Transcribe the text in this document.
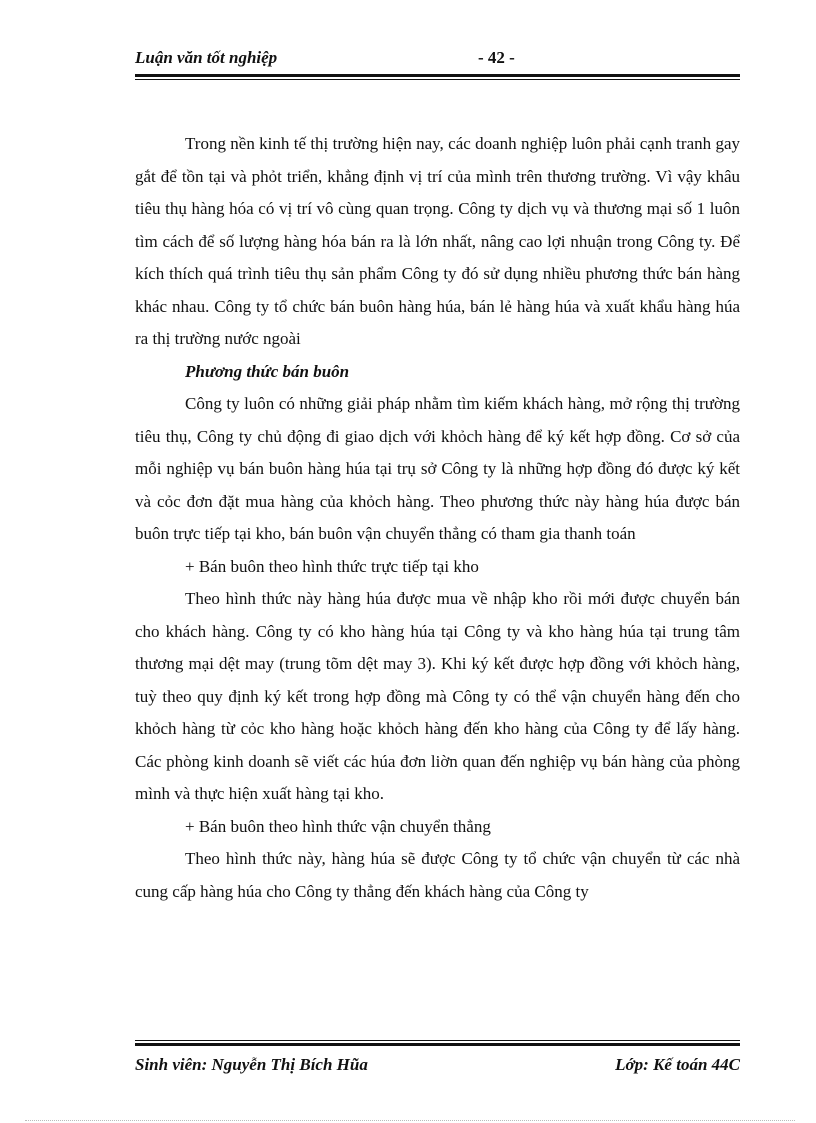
Luận văn tốt nghiệp	- 42 -

Trong nền kinh tế thị trường hiện nay, các doanh nghiệp luôn phải cạnh tranh gay gắt để tồn tại và phỏt triển, khẳng định vị trí của mình trên thương trường. Vì vậy khâu tiêu thụ hàng hóa có vị trí vô cùng quan trọng. Công ty dịch vụ và thương mại số 1 luôn tìm cách để số lượng hàng hóa bán ra là lớn nhất, nâng cao lợi nhuận trong Công ty. Để kích thích quá trình tiêu thụ sản phẩm Công ty đó sử dụng nhiều phương thức bán hàng khác nhau. Công ty tổ chức bán buôn hàng húa, bán lẻ hàng húa và xuất khẩu hàng húa ra thị trường nước ngoài

Phương thức bán buôn

Công ty luôn có những giải pháp nhằm tìm kiếm khách hàng, mở rộng thị trường tiêu thụ, Công ty chủ động đi giao dịch với khỏch hàng để ký kết hợp đồng. Cơ sở của mỗi nghiệp vụ bán buôn hàng húa tại trụ sở Công ty là những hợp đồng đó được ký kết và cỏc đơn đặt mua hàng của khỏch hàng. Theo phương thức này hàng húa được bán buôn trực tiếp tại kho, bán buôn vận chuyển thẳng có tham gia thanh toán

+ Bán buôn theo hình thức trực tiếp tại kho

Theo hình thức này hàng húa được mua về nhập kho rồi mới được chuyển bán cho khách hàng. Công ty có kho hàng húa tại Công ty và kho hàng húa tại trung tâm thương mại dệt may (trung tõm dệt may 3). Khi ký kết được hợp đồng với khỏch hàng, tuỳ theo quy định ký kết trong hợp đồng mà Công ty có thể vận chuyển hàng đến cho khỏch hàng từ cỏc kho hàng hoặc khỏch hàng đến kho hàng của Công ty để lấy hàng. Các phòng kinh doanh sẽ viết các húa đơn liờn quan đến nghiệp vụ bán hàng của phòng mình và thực hiện xuất hàng tại kho.

+ Bán buôn theo hình thức vận chuyển thẳng

Theo hình thức này, hàng húa sẽ được Công ty tổ chức vận chuyển từ các nhà cung cấp hàng húa cho Công ty thẳng đến khách hàng của Công ty

Sinh viên: Nguyễn Thị Bích Hũa	Lớp: Kế toán 44C
